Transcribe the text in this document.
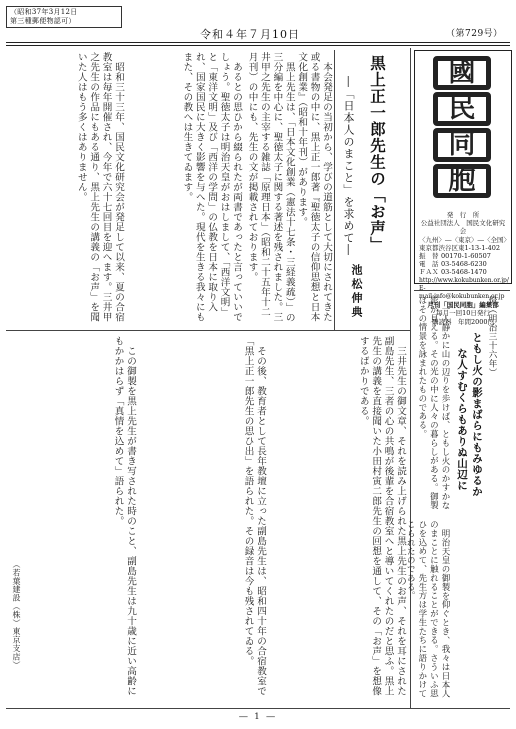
（昭和37年3月12日
第三種郵便物認可）
令和４年７月10日	（第729号）
國
民
同
胞
発　行　所
公益社団法人　国民文化研究会
〈九州〉―〈東京〉―〈全国〉
東京都渋谷区東1-13-1-402
振　替 00170-1-60507
電　話 03-5468-6230
ＦＡＸ 03-5468-1470
http://www.kokubunken.or.jp/
E-mail:info@kokubunken.or.jp
月刊「国民同胞」編集部
毎月一回10日発行
購読料　年間2000円
黒上正一郎先生の「お声」
―「日本人のまこと」を求めて―
池松伸典

本会発足の当初から、学びの道筋として大切にされてきた或る書物の中に、黒上正一郎著『聖徳太子の信仰思想と日本文化創業』（昭和十年刊）があります。

黒上先生は、「日本文化創業（憲法十七条・三経義疏）」の三分編を中心に、聖徳太子に関する著述を残されました。三井甲之先生の主宰する雑誌「原理日本」（昭和二十五年十二月刊）の中にも、先生の文が掲載されております。

あるとの思ひから綴られたが両書であったと言っていいでしょう。聖徳太子は明治天皇がおはしまして、「西洋文明」と「東洋文明」及び「西洋の学問」の仏教を日本に取り入れ、国家国民に大きく影響を与へた。現代を生きる我々にもまた、その教へは生きてゐます。

昭和三十三年、国民文化研究会が発足して以来、夏の合宿教室は毎年開催され、今年で六十七回目を迎へます。三井甲之先生の作品にもある通り、黒上先生の講義の「お声」を聞いた人はもう多くはありません。

三井先生の御文章、それを読み上げられた黒上先生のお声、それを耳にされた副島先生、三者の心の共鳴が後輩を合宿教室へと導いてくれたのだと思ふ。黒上先生の講義を直接聞いた小田村寅二郎先生の回想を通して、その「お声」を想像するばかりである。

その後、教育者として長年教壇に立った副島先生は、昭和四十年の合宿教室で「黒上正一郎先生の思ひ出」を語られた。その録音は今も残されてゐる。

この御製を黒上先生が書き写された時のこと、副島先生は九十歳に近い高齢にもかかはらず「真情を込めて」語られた。

（若葉建設（株）東京支店）

燈（明治三十六年）
ともし火の影まばらにもみゆるか
な人すむくらもありぬ山辺に

明治天皇の御製を仰ぐとき、我々は日本人のまことに触れることができる。さういふ思ひを込めて、先生方は学生たちに語りかけてこられたのである。

一人静かに山の辺りを歩けば、ともし火のかすかな影が見える。その光の中に人々の暮らしがある。御製はその情景を詠まれたものである。

― 1 ―
